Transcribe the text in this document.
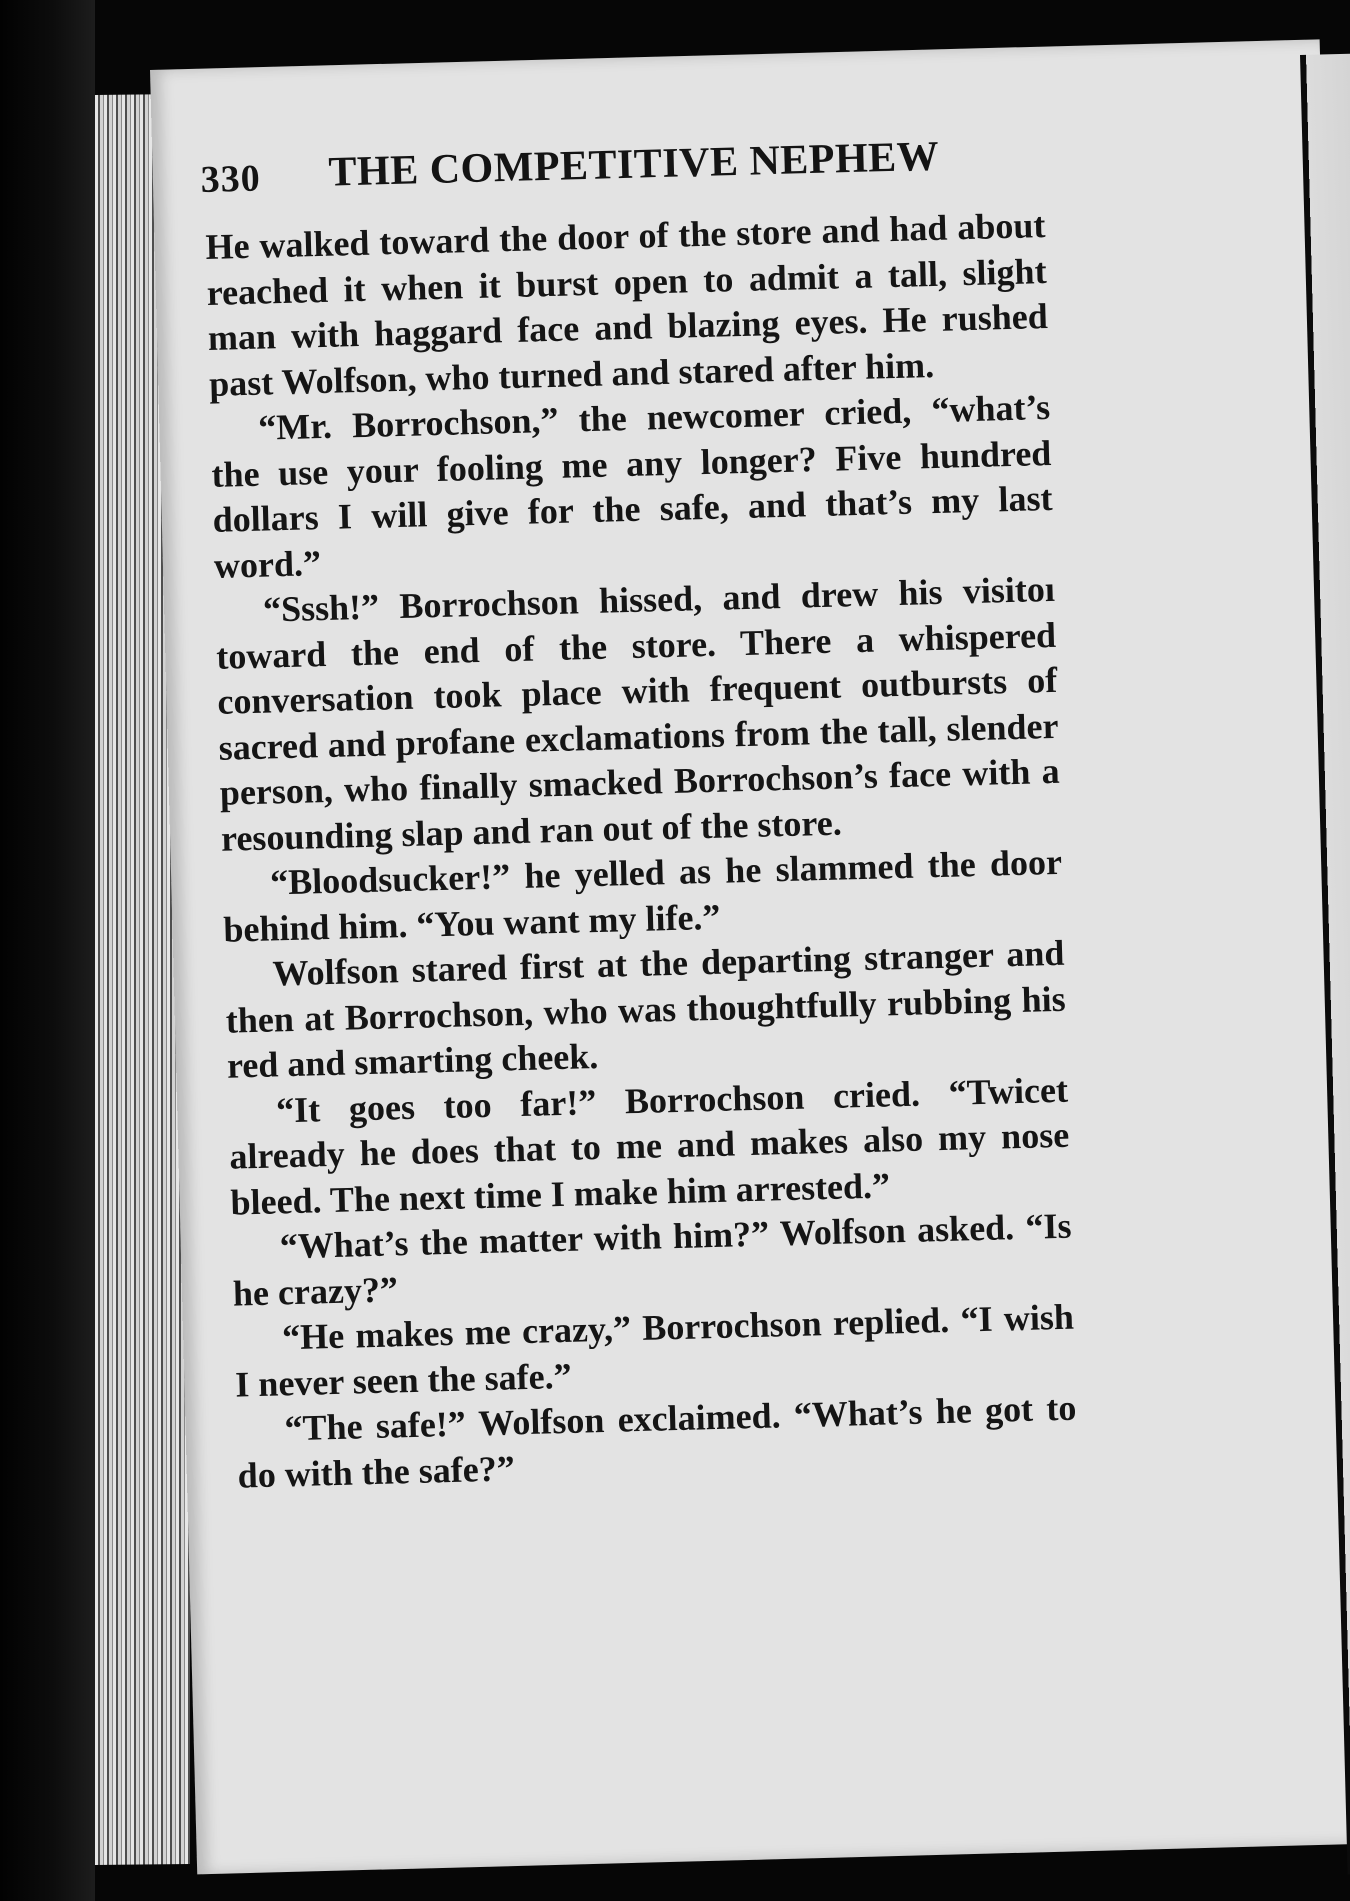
330 THE COMPETITIVE NEPHEW

He walked toward the door of the store and had about reached it when it burst open to admit a tall, slight man with haggard face and blazing eyes. He rushed past Wolfson, who turned and stared after him.

“Mr. Borrochson,” the newcomer cried, “what’s the use your fooling me any longer? Five hundred dollars I will give for the safe, and that’s my last word.”

“Sssh!” Borrochson hissed, and drew his visitoı toward the end of the store. There a whispered conversation took place with frequent outbursts of sacred and profane exclamations from the tall, slender person, who finally smacked Borrochson’s face with a resounding slap and ran out of the store.

“Bloodsucker!” he yelled as he slammed the door behind him. “You want my life.”

Wolfson stared first at the departing stranger and then at Borrochson, who was thoughtfully rubbing his red and smarting cheek.

“It goes too far!” Borrochson cried. “Twicet already he does that to me and makes also my nose bleed. The next time I make him arrested.”

“What’s the matter with him?” Wolfson asked. “Is he crazy?”

“He makes me crazy,” Borrochson replied. “I wish I never seen the safe.”

“The safe!” Wolfson exclaimed. “What’s he got to do with the safe?”
